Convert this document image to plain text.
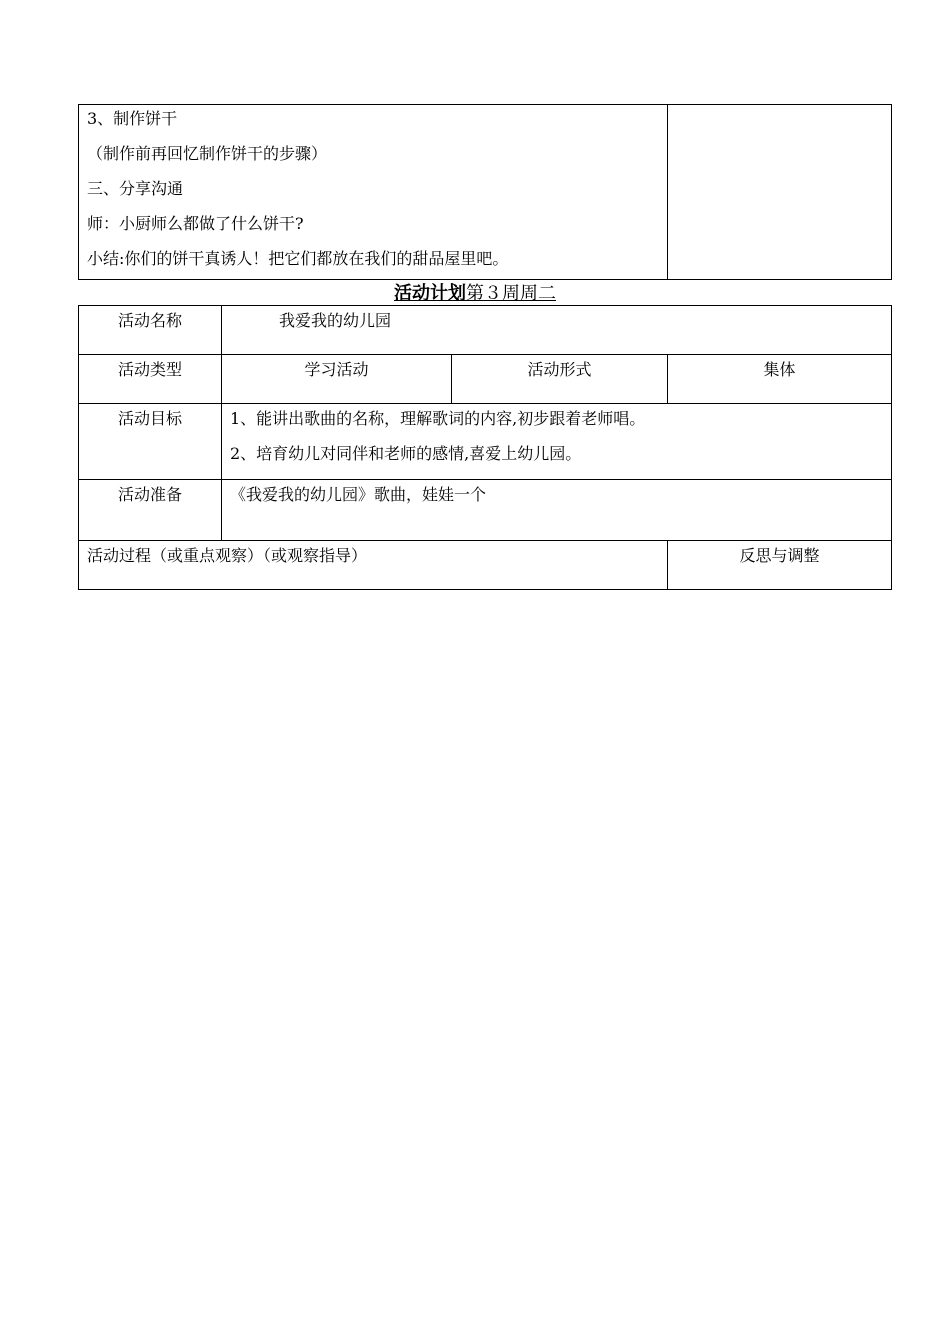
3、制作饼干
（制作前再回忆制作饼干的步骤）
三、分享沟通
师：小厨师么都做了什么饼干?
小结:你们的饼干真诱人！把它们都放在我们的甜品屋里吧。

活动计划第３周周二
活动名称	我爱我的幼儿园		
活动类型	学习活动	活动形式	集体
活动目标	1、能讲出歌曲的名称，理解歌词的内容,初步跟着老师唱。
2、培育幼儿对同伴和老师的感情,喜爱上幼儿园。		

活动准备	《我爱我的幼儿园》歌曲，娃娃一个		
活动过程（或重点观察）（或观察指导）			反思与调整
